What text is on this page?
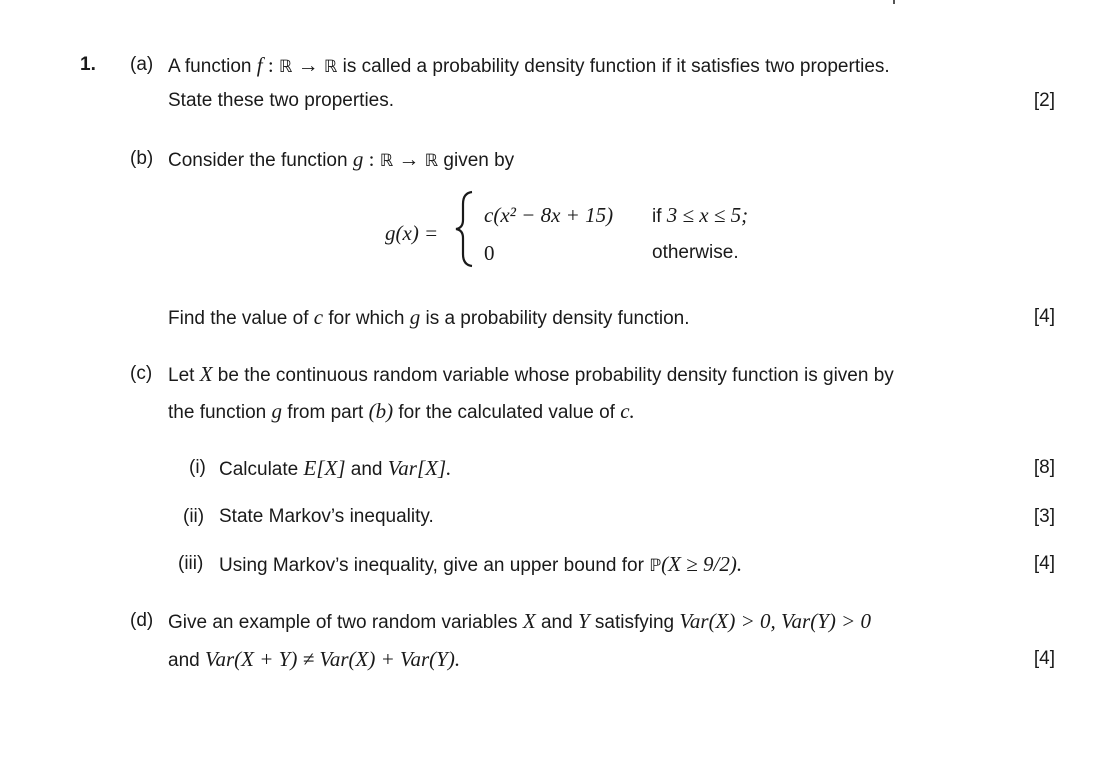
1. (a) A function f : ℝ → ℝ is called a probability density function if it satisfies two properties.
State these two properties.	[2]
(b) Consider the function g : ℝ → ℝ given by
g(x) =
c(x² − 8x + 15) if 3 ≤ x ≤ 5;
0	otherwise.
Find the value of c for which g is a probability density function.	[4]
(c) Let X be the continuous random variable whose probability density function is given by
the function g from part (b) for the calculated value of c.
(i) Calculate E[X] and Var[X].	[8]
(ii) State Markov’s inequality.	[3]
(iii) Using Markov’s inequality, give an upper bound for ℙ(X ≥ 9/2).	[4]
(d) Give an example of two random variables X and Y satisfying Var(X) > 0, Var(Y) > 0
and Var(X + Y) ≠ Var(X) + Var(Y).	[4]
